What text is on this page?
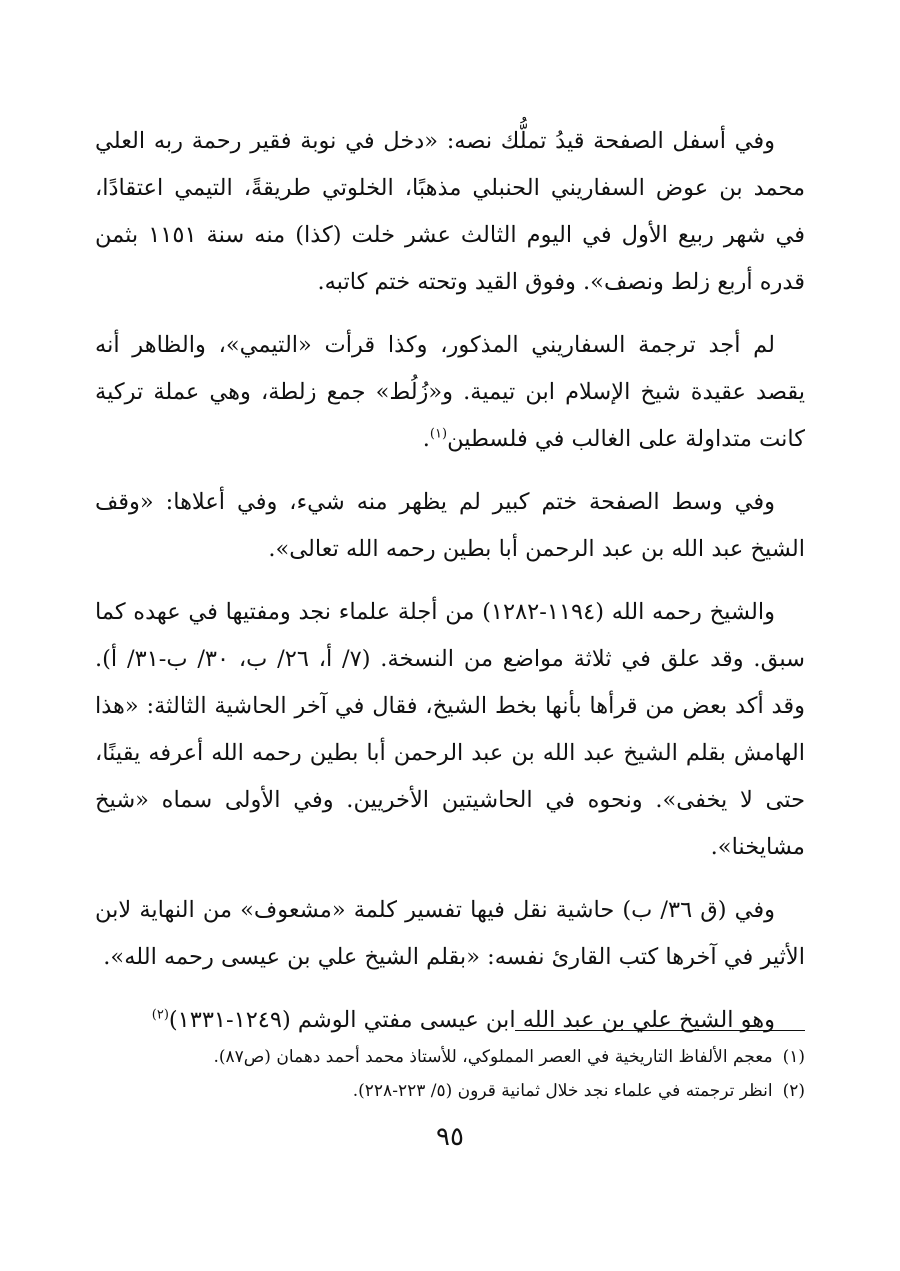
وفي أسفل الصفحة قيدُ تملُّك نصه: «دخل في نوبة فقير رحمة ربه العلي محمد بن عوض السفاريني الحنبلي مذهبًا، الخلوتي طريقةً، التيمي اعتقادًا، في شهر ربيع الأول في اليوم الثالث عشر خلت (كذا) منه سنة ١١٥١ بثمن قدره أربع زلط ونصف». وفوق القيد وتحته ختم كاتبه.

لم أجد ترجمة السفاريني المذكور، وكذا قرأت «التيمي»، والظاهر أنه يقصد عقيدة شيخ الإسلام ابن تيمية. و«زُلُط» جمع زلطة، وهي عملة تركية كانت متداولة على الغالب في فلسطين$^{(١)}$.

وفي وسط الصفحة ختم كبير لم يظهر منه شيء، وفي أعلاها: «وقف الشيخ عبد الله بن عبد الرحمن أبا بطين رحمه الله تعالى».

والشيخ رحمه الله (١١٩٤-١٢٨٢) من أجلة علماء نجد ومفتيها في عهده كما سبق. وقد علق في ثلاثة مواضع من النسخة. (٧/ أ، ٢٦/ ب، ٣٠/ ب-٣١/ أ). وقد أكد بعض من قرأها بأنها بخط الشيخ، فقال في آخر الحاشية الثالثة: «هذا الهامش بقلم الشيخ عبد الله بن عبد الرحمن أبا بطين رحمه الله أعرفه يقينًا، حتى لا يخفى». ونحوه في الحاشيتين الأخريين. وفي الأولى سماه «شيخ مشايخنا».

وفي (ق ٣٦/ ب) حاشية نقل فيها تفسير كلمة «مشعوف» من النهاية لابن الأثير في آخرها كتب القارئ نفسه: «بقلم الشيخ علي بن عيسى رحمه الله».

وهو الشيخ علي بن عبد الله ابن عيسى مفتي الوشم (١٢٤٩-١٣٣١)$^{(٢)}$

(١)معجم الألفاظ التاريخية في العصر المملوكي، للأستاذ محمد أحمد دهمان (ص٨٧).

(٢)انظر ترجمته في علماء نجد خلال ثمانية قرون (٥/ ٢٢٣-٢٢٨).

٩٥
